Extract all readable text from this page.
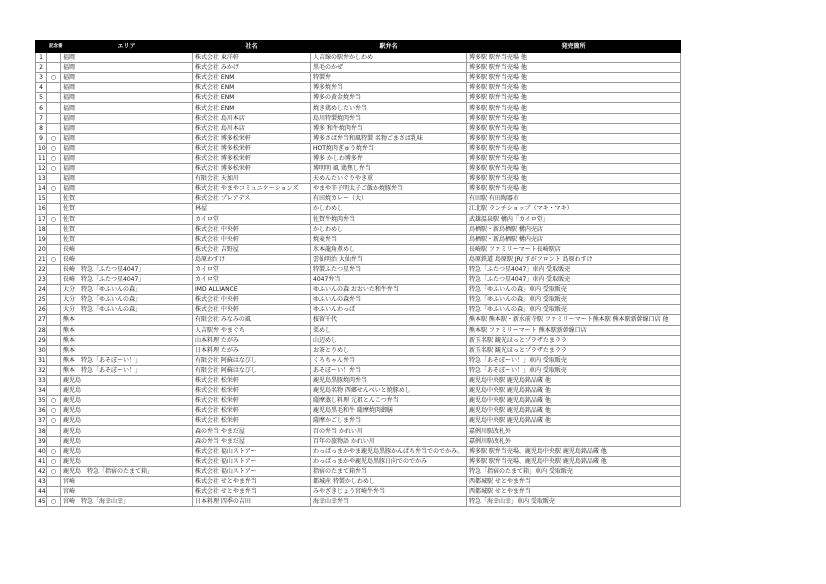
	記念番	エリア	社名	駅弁名	発売箇所
1		福岡	株式会社 東洋軒	人吉線の駅弁かしわめ	博多駅 駅弁当売場 他
2		福岡	株式会社 みかげ	黒毛のかぜ	博多駅 駅弁当売場 他
3	○	福岡	株式会社 ENM	特製弁	博多駅 駅弁当売場 他
4		福岡	株式会社 ENM	博多焼弁当	博多駅 駅弁当売場 他
5		福岡	株式会社 ENM	博多の黄金焼弁当	博多駅 駅弁当売場 他
6		福岡	株式会社 ENM	焼き鶏めしたい弁当	博多駅 駅弁当売場 他
7		福岡	株式会社 島川本店	島川特製焼肉弁当	博多駅 駅弁当売場 他
8		福岡	株式会社 島川本店	博多 和牛焼肉弁当	博多駅 駅弁当売場 他
9	○	福岡	株式会社 博多松栄軒	博多さば弁当和風特製 名物ごまさば乳味	博多駅 駅弁当売場 他
10	○	福岡	株式会社 博多松栄軒	HOT焼肉ぎゅう焼弁当	博多駅 駅弁当売場 他
11	○	福岡	株式会社 博多松栄軒	博多 かしわ博多弁	博多駅 駅弁当売場 他
12	○	福岡	株式会社 博多松栄軒	博明明 風 鶏焦し弁当	博多駅 駅弁当売場 他
13		福岡	有限会社 天加川	天めんたいぐりやき重	博多駅 駅弁当売場 他
14	○	福岡	株式会社 やまやコミュニケーションズ	やまや辛子明太子ご飯か焼豚弁当	博多駅 駅弁当売場 他
15		佐賀	株式会社 プレアデス	有田焼カレー（大）	有田駅 有田陶器市
16		佐賀	林屋	かしわめし	江北駅 ランチショップ（マキ・マキ）
17	○	佐賀	カイロ堂	佐賀牛焼肉弁当	武雄温泉駅 構内「カイロ堂」
18		佐賀	株式会社 中央軒	かしわめし	鳥栖駅・新鳥栖駅 構内売店
19		佐賀	株式会社 中央軒	焼麦弁当	鳥栖駅・新鳥栖駅 構内売店
20		長崎	株式会社 吉野屋	氷本龍角煮めし	長崎駅 ファミリーマート長崎駅店
21	○	長崎	島原わすけ	雲仙明治 大仙弁当	島原鉄道 島原駅 JR/ すがフロント 島原わすけ
22		長崎　特急「ふたつ星4047」	カイロ堂	特製ふたつ星弁当	特急「ふたつ星4047」車内 受取販売
23		長崎　特急「ふたつ星4047」	カイロ堂	4047弁当	特急「ふたつ星4047」車内 受取販売
24		大分　特急「ゆふいんの森」	IMD ALLIANCE	ゆふいんの森 おおいた和牛弁当	特急「ゆふいんの森」車内 受取販売
25		大分　特急「ゆふいんの森」	株式会社 中央軒	ゆふいんの森弁当	特急「ゆふいんの森」車内 受取販売
26		大分　特急「ゆふいんの森」	株式会社 中央軒	ゆふいんわっぱ	特急「ゆふいんの森」車内 受取販売
27		熊本	有限会社 みなみの風	桜留千代	熊本駅 熊本駅・新水前寺駅 ファミリーマート熊本駅 熊本駅新幹線口店 他
28		熊本	人吉駅弁 やまぐち	栗めし	熊本駅 ファミリーマート 熊本駅新幹線口店
29		熊本	山本料理 たがみ	山辺めし	新玉名駅 観光ほっとプラザたまララ
30		熊本	日本料理 たがみ	お茶とりめし	新玉名駅 観光ほっとプラザたまララ
31		熊本　特急「あそぼーい！」	有限会社 阿蘇はなびし	くろちゃん弁当	特急「あそぼーい！」車内 受取販売
32		熊本　特急「あそぼーい！」	有限会社 阿蘇はなびし	あそぼーい！弁当	特急「あそぼーい！」車内 受取販売
33		鹿児島	株式会社 松栄軒	鹿児島黒豚焼肉弁当	鹿児島中央駅 鹿児島銘品蔵 他
34		鹿児島	株式会社 松栄軒	鹿児島名物 西郷せんべいと焼豚めし	鹿児島中央駅 鹿児島銘品蔵 他
35	○	鹿児島	株式会社 松栄軒	薩摩蒸し料理 元祖とんこつ弁当	鹿児島中央駅 鹿児島銘品蔵 他
36	○	鹿児島	株式会社 松栄軒	鹿児島黒毛和牛 薩摩焼肉御膳	鹿児島中央駅 鹿児島銘品蔵 他
37	○	鹿児島	株式会社 松栄軒	薩摩かごしま弁当	鹿児島中央駅 鹿児島銘品蔵 他
38		鹿児島	森の弁当 やまだ屋	百の弁当 かれい川	嘉例川駅改札外
39		鹿児島	森の弁当 やまだ屋	百年の旅物語 かれい川	嘉例川駅改札外
40	○	鹿児島	株式会社 福山ストアー	わっぱっまかやま鹿児島黒豚かんぱち弁当でのでかみ。	博多駅 駅弁当売場、鹿児島中央駅 鹿児島銘品蔵 他
41	○	鹿児島	株式会社 福山ストアー	わっぱっまかや鹿児島黒豚日向でのでかみ	博多駅 駅弁当売場、鹿児島中央駅 鹿児島銘品蔵 他
42	○	鹿児島　特急「指宿のたまて箱」	株式会社 福山ストアー	指宿のたまて箱弁当	特急「指宿のたまて箱」車内 受取販売
43		宮崎	株式会社 せとやま弁当	都城産 特製かしわめし	西都城駅 せとやま弁当
44		宮崎	株式会社 せとやま弁当	みやざきじょう宮崎牛弁当	西都城駅 せとやま弁当
45	○	宮崎　特急「海幸山幸」	日本料理 四季の吉田	海幸山幸弁当	特急「海幸山幸」車内 受取販売
